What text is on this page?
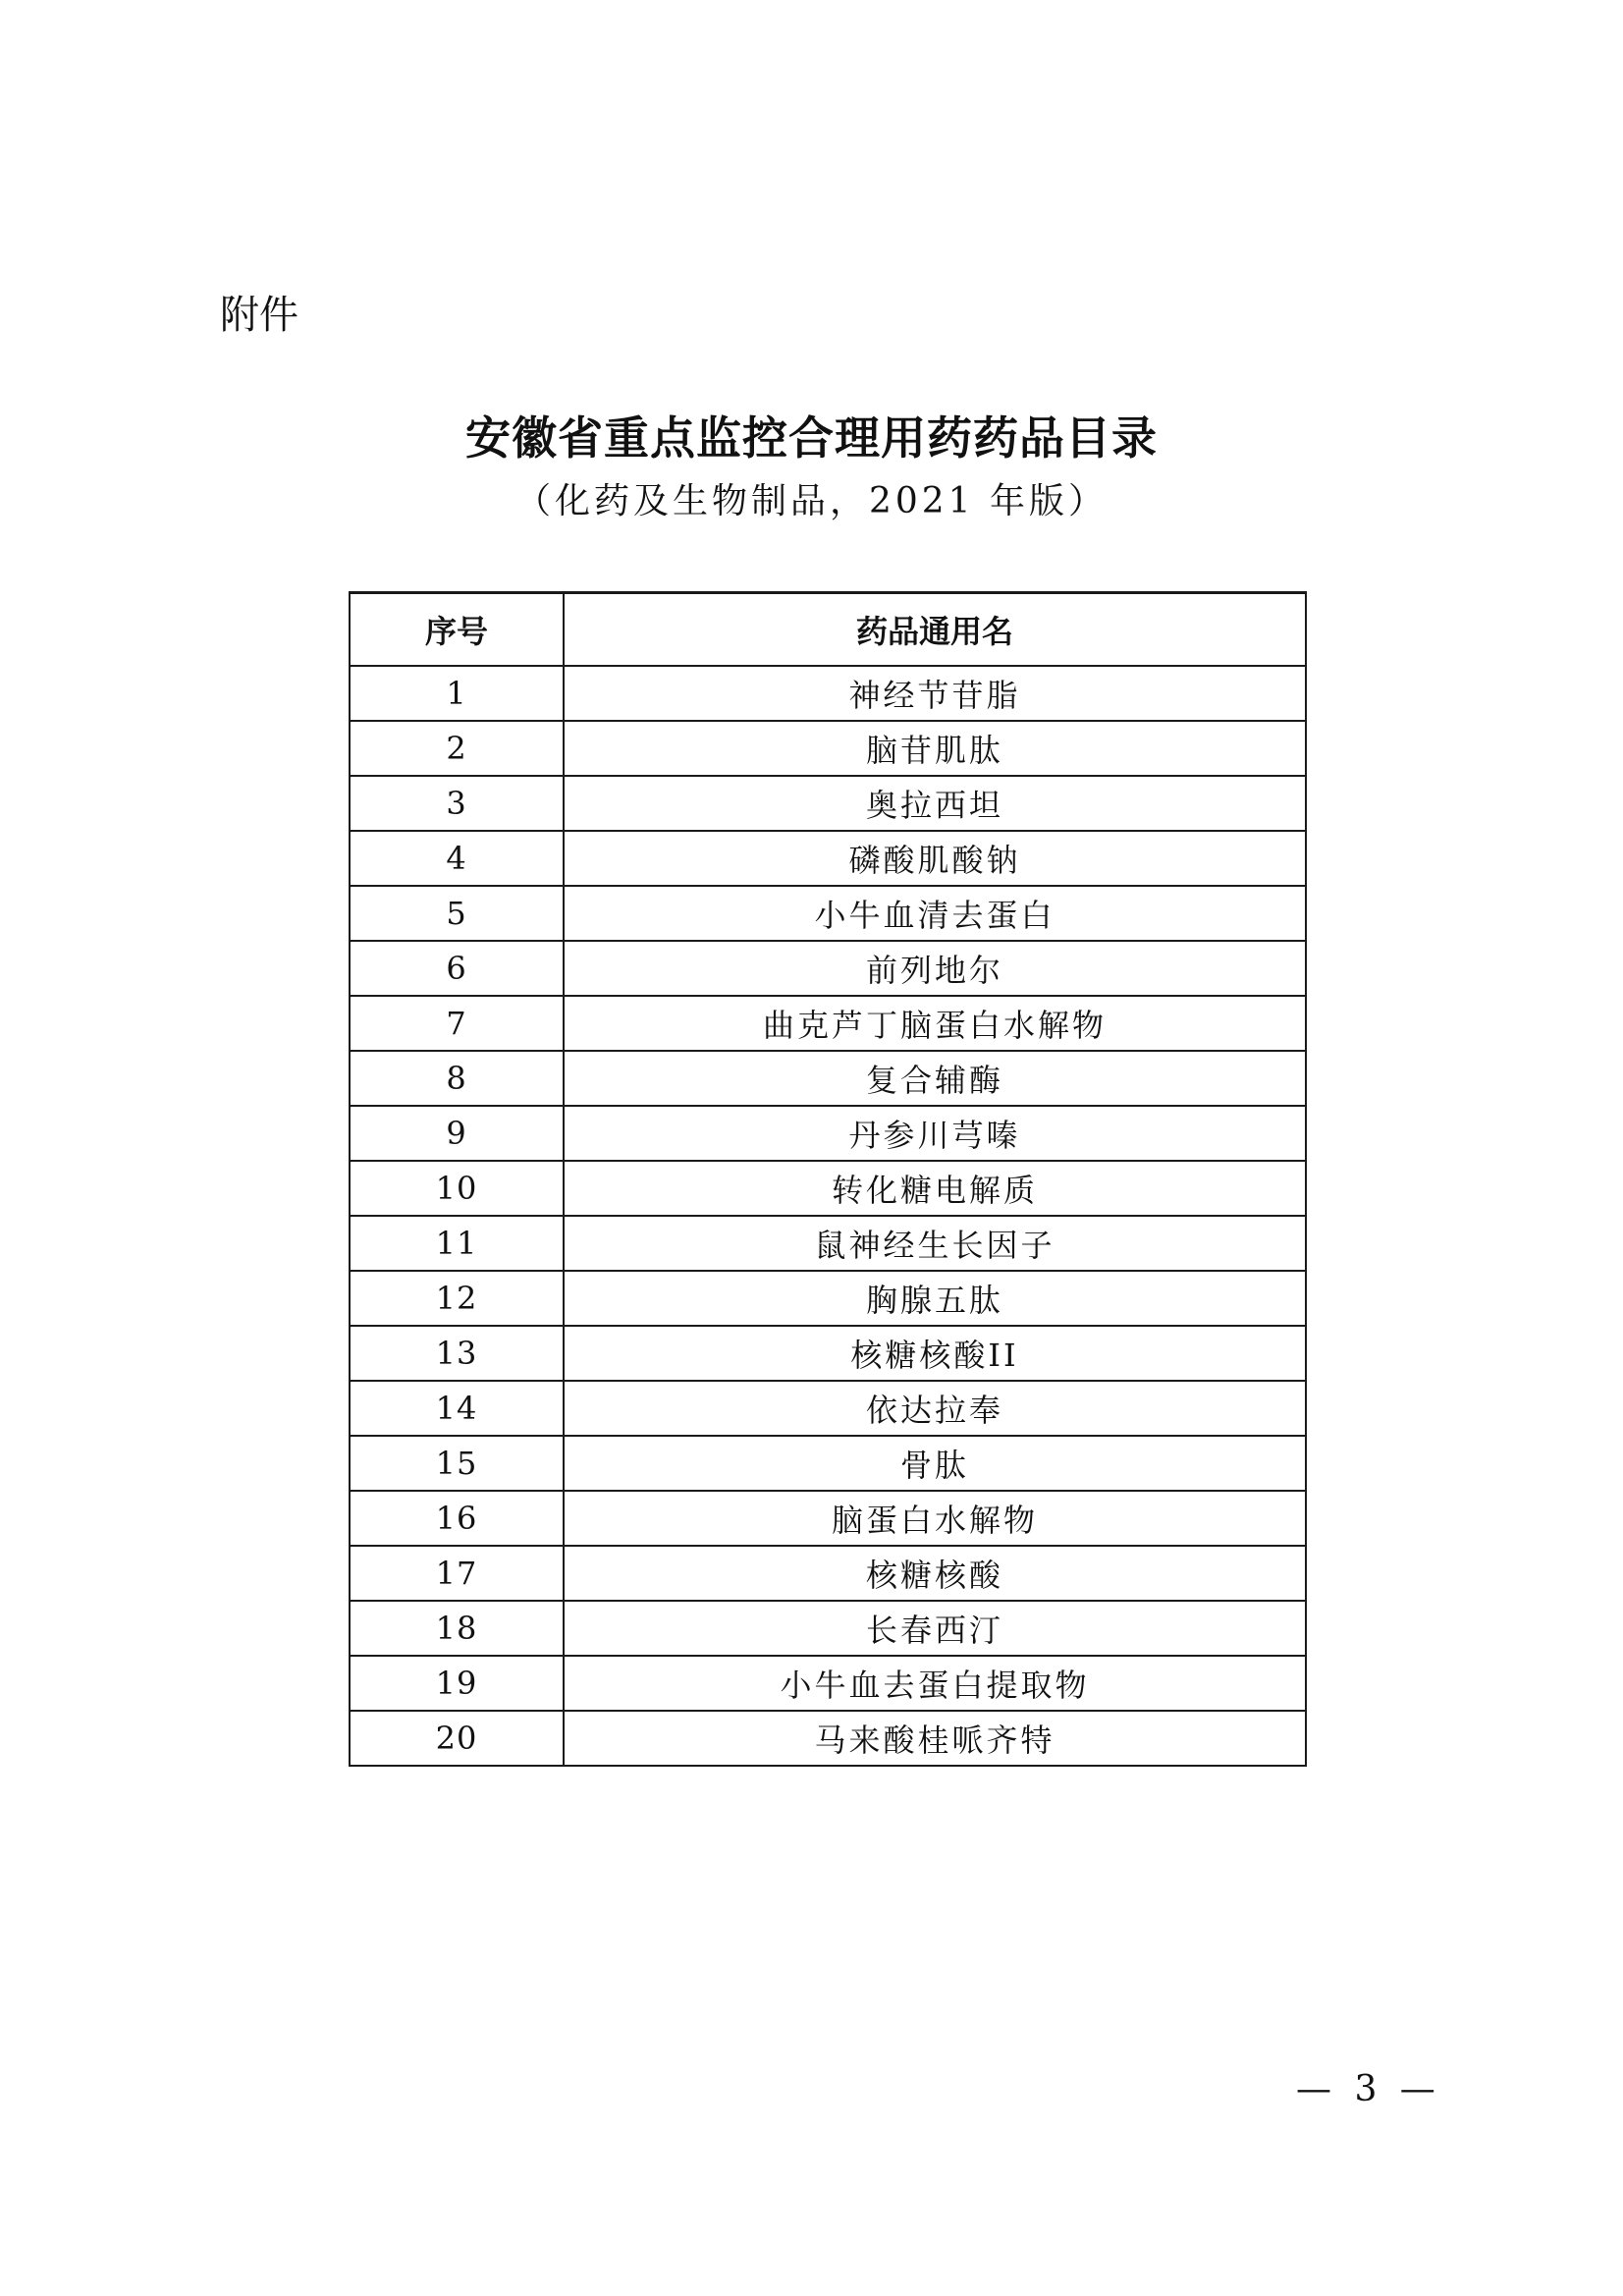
附件
安徽省重点监控合理用药药品目录
（化药及生物制品，2021 年版）
序号	药品通用名
1	神经节苷脂
2	脑苷肌肽
3	奥拉西坦
4	磷酸肌酸钠
5	小牛血清去蛋白
6	前列地尔
7	曲克芦丁脑蛋白水解物
8	复合辅酶
9	丹参川芎嗪
10	转化糖电解质
11	鼠神经生长因子
12	胸腺五肽
13	核糖核酸II
14	依达拉奉
15	骨肽
16	脑蛋白水解物
17	核糖核酸
18	长春西汀
19	小牛血去蛋白提取物
20	马来酸桂哌齐特
— 3 —
